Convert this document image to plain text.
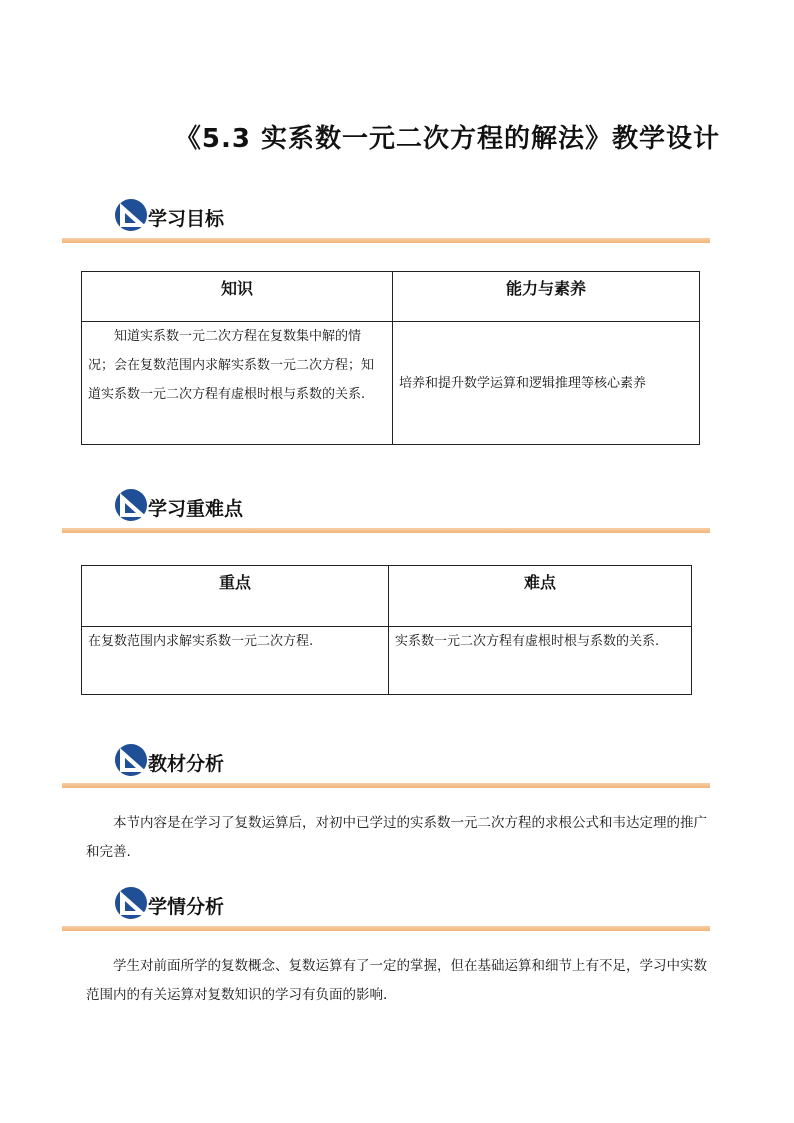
《5.3 实系数一元二次方程的解法》教学设计
学习目标
知识	能力与素养
知道实系数一元二次方程在复数集中解的情况；会在复数范围内求解实系数一元二次方程；知道实系数一元二次方程有虚根时根与系数的关系.	培养和提升数学运算和逻辑推理等核心素养
学习重难点
重点	难点
在复数范围内求解实系数一元二次方程.	实系数一元二次方程有虚根时根与系数的关系.
教材分析
本节内容是在学习了复数运算后，对初中已学过的实系数一元二次方程的求根公式和韦达定理的推广和完善.
学情分析
学生对前面所学的复数概念、复数运算有了一定的掌握，但在基础运算和细节上有不足，学习中实数范围内的有关运算对复数知识的学习有负面的影响.
